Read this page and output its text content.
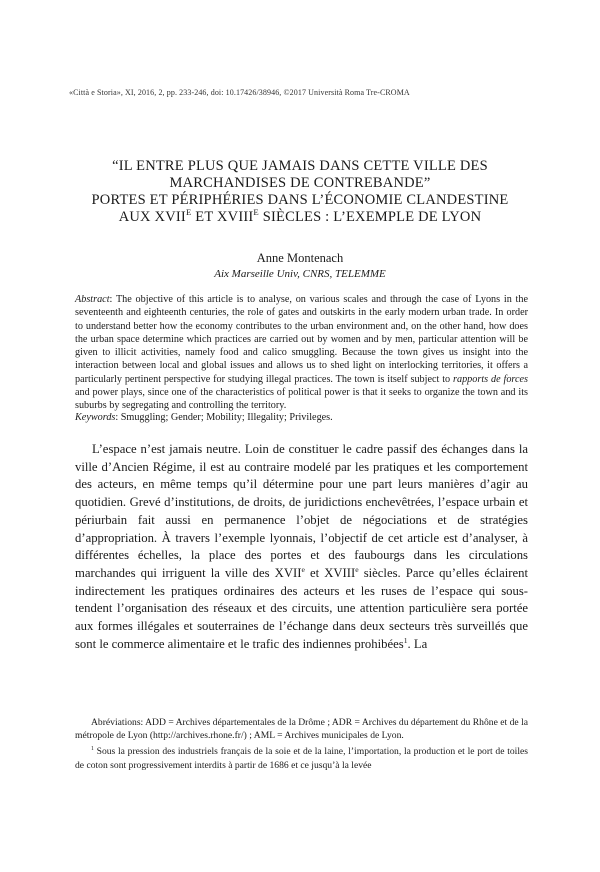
«Città e Storia», XI, 2016, 2, pp. 233-246, doi: 10.17426/38946, ©2017 Università Roma Tre-CROMA
“IL ENTRE PLUS QUE JAMAIS DANS CETTE VILLE DES
MARCHANDISES DE CONTREBANDE”
PORTES ET PÉRIPHÉRIES DANS L’ÉCONOMIE CLANDESTINE
AUX $XVII^E$ ET $XVIII^E$ SIÈCLES : L’EXEMPLE DE LYON
Anne Montenach
Aix Marseille Univ, CNRS, TELEMME
Abstract: The objective of this article is to analyse, on various scales and through the case of Lyons in the seventeenth and eighteenth centuries, the role of gates and outskirts in the early modern urban trade. In order to understand better how the economy contributes to the urban environment and, on the other hand, how does the urban space determine which practices are carried out by women and by men, particular attention will be given to illicit activities, namely food and calico smuggling. Because the town gives us insight into the interaction between local and global issues and allows us to shed light on interlocking territories, it offers a particularly pertinent perspective for studying illegal practices. The town is itself subject to rapports de forces and power plays, since one of the characteristics of political power is that it seeks to organize the town and its suburbs by segregating and controlling the territory.
Keywords: Smuggling; Gender; Mobility; Illegality; Privileges.
L’espace n’est jamais neutre. Loin de constituer le cadre passif des échanges dans la ville d’Ancien Régime, il est au contraire modelé par les pratiques et les comportement des acteurs, en même temps qu’il détermine pour une part leurs manières d’agir au quotidien. Grevé d’institutions, de droits, de juridictions enchevêtrées, l’espace urbain et périurbain fait aussi en permanence l’objet de négociations et de stratégies d’appropriation. À travers l’exemple lyonnais, l’objectif de cet article est d’analyser, à différentes échelles, la place des portes et des faubourgs dans les circulations marchandes qui irriguent la ville des XVIIe et XVIIIe siècles. Parce qu’elles éclairent indirectement les pratiques ordinaires des acteurs et les ruses de l’espace qui sous-tendent l’organisation des réseaux et des circuits, une attention particulière sera portée aux formes illégales et souterraines de l’échange dans deux secteurs très surveillés que sont le commerce alimentaire et le trafic des indiennes prohibées$^1$. La

Abréviations: ADD = Archives départementales de la Drôme ; ADR = Archives du département du Rhône et de la métropole de Lyon (http://archives.rhone.fr/) ; AML = Archives municipales de Lyon.

$^1$ Sous la pression des industriels français de la soie et de la laine, l’importation, la production et le port de toiles de coton sont progressivement interdits à partir de 1686 et ce jusqu’à la levée
